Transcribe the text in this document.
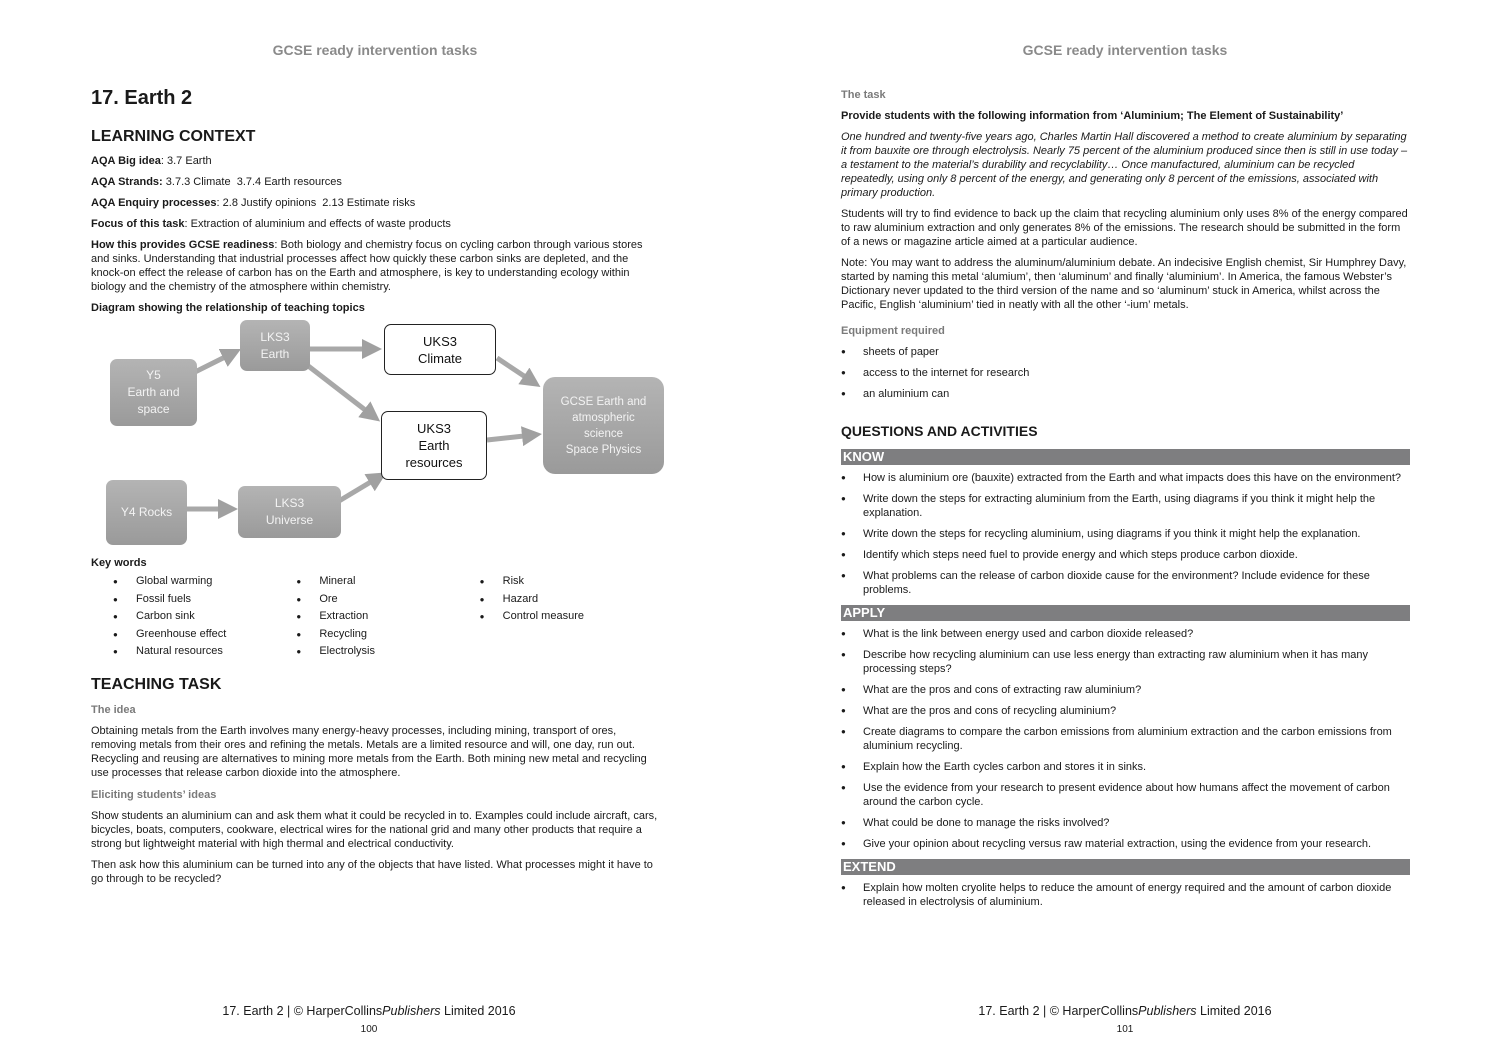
GCSE ready intervention tasks
17. Earth 2
LEARNING CONTEXT

AQA Big idea: 3.7 Earth

AQA Strands: 3.7.3 Climate  3.7.4 Earth resources

AQA Enquiry processes: 2.8 Justify opinions  2.13 Estimate risks

Focus of this task: Extraction of aluminium and effects of waste products

How this provides GCSE readiness: Both biology and chemistry focus on cycling carbon through various stores and sinks. Understanding that industrial processes affect how quickly these carbon sinks are depleted, and the knock-on effect the release of carbon has on the Earth and atmosphere, is key to understanding ecology within biology and the chemistry of the atmosphere within chemistry.

Diagram showing the relationship of teaching topics

Y5
Earth and
space
LKS3
Earth
UKS3
Climate
UKS3
Earth
resources
GCSE Earth and
atmospheric
science
Space Physics
Y4 Rocks
LKS3
Universe

Key words

● Global warming
● Fossil fuels
● Carbon sink
● Greenhouse effect
● Natural resources
● Mineral
● Ore
● Extraction
● Recycling
● Electrolysis
● Risk
● Hazard
● Control measure
TEACHING TASK

The idea

Obtaining metals from the Earth involves many energy-heavy processes, including mining, transport of ores, removing metals from their ores and refining the metals. Metals are a limited resource and will, one day, run out. Recycling and reusing are alternatives to mining more metals from the Earth. Both mining new metal and recycling use processes that release carbon dioxide into the atmosphere.

Eliciting students’ ideas

Show students an aluminium can and ask them what it could be recycled in to. Examples could include aircraft, cars, bicycles, boats, computers, cookware, electrical wires for the national grid and many other products that require a strong but lightweight material with high thermal and electrical conductivity.

Then ask how this aluminium can be turned into any of the objects that have listed. What processes might it have to go through to be recycled?

17. Earth 2 | © HarperCollinsPublishers Limited 2016
100
GCSE ready intervention tasks

The task

Provide students with the following information from ‘Aluminium; The Element of Sustainability’

One hundred and twenty-five years ago, Charles Martin Hall discovered a method to create aluminium by separating it from bauxite ore through electrolysis. Nearly 75 percent of the aluminium produced since then is still in use today – a testament to the material’s durability and recyclability… Once manufactured, aluminium can be recycled repeatedly, using only 8 percent of the energy, and generating only 8 percent of the emissions, associated with primary production.

Students will try to find evidence to back up the claim that recycling aluminium only uses 8% of the energy compared to raw aluminium extraction and only generates 8% of the emissions. The research should be submitted in the form of a news or magazine article aimed at a particular audience.

Note: You may want to address the aluminum/aluminium debate. An indecisive English chemist, Sir Humphrey Davy, started by naming this metal ‘alumium’, then ‘aluminum’ and finally ‘aluminium’. In America, the famous Webster’s Dictionary never updated to the third version of the name and so ‘aluminum’ stuck in America, whilst across the Pacific, English ‘aluminium’ tied in neatly with all the other ‘-ium’ metals.

Equipment required

● sheets of paper
● access to the internet for research
● an aluminium can
QUESTIONS AND ACTIVITIES
KNOW
● How is aluminium ore (bauxite) extracted from the Earth and what impacts does this have on the environment?
● Write down the steps for extracting aluminium from the Earth, using diagrams if you think it might help the explanation.
● Write down the steps for recycling aluminium, using diagrams if you think it might help the explanation.
● Identify which steps need fuel to provide energy and which steps produce carbon dioxide.
● What problems can the release of carbon dioxide cause for the environment? Include evidence for these problems.
APPLY
● What is the link between energy used and carbon dioxide released?
● Describe how recycling aluminium can use less energy than extracting raw aluminium when it has many processing steps?
● What are the pros and cons of extracting raw aluminium?
● What are the pros and cons of recycling aluminium?
● Create diagrams to compare the carbon emissions from aluminium extraction and the carbon emissions from aluminium recycling.
● Explain how the Earth cycles carbon and stores it in sinks.
● Use the evidence from your research to present evidence about how humans affect the movement of carbon around the carbon cycle.
● What could be done to manage the risks involved?
● Give your opinion about recycling versus raw material extraction, using the evidence from your research.
EXTEND
● Explain how molten cryolite helps to reduce the amount of energy required and the amount of carbon dioxide released in electrolysis of aluminium.
17. Earth 2 | © HarperCollinsPublishers Limited 2016
101
